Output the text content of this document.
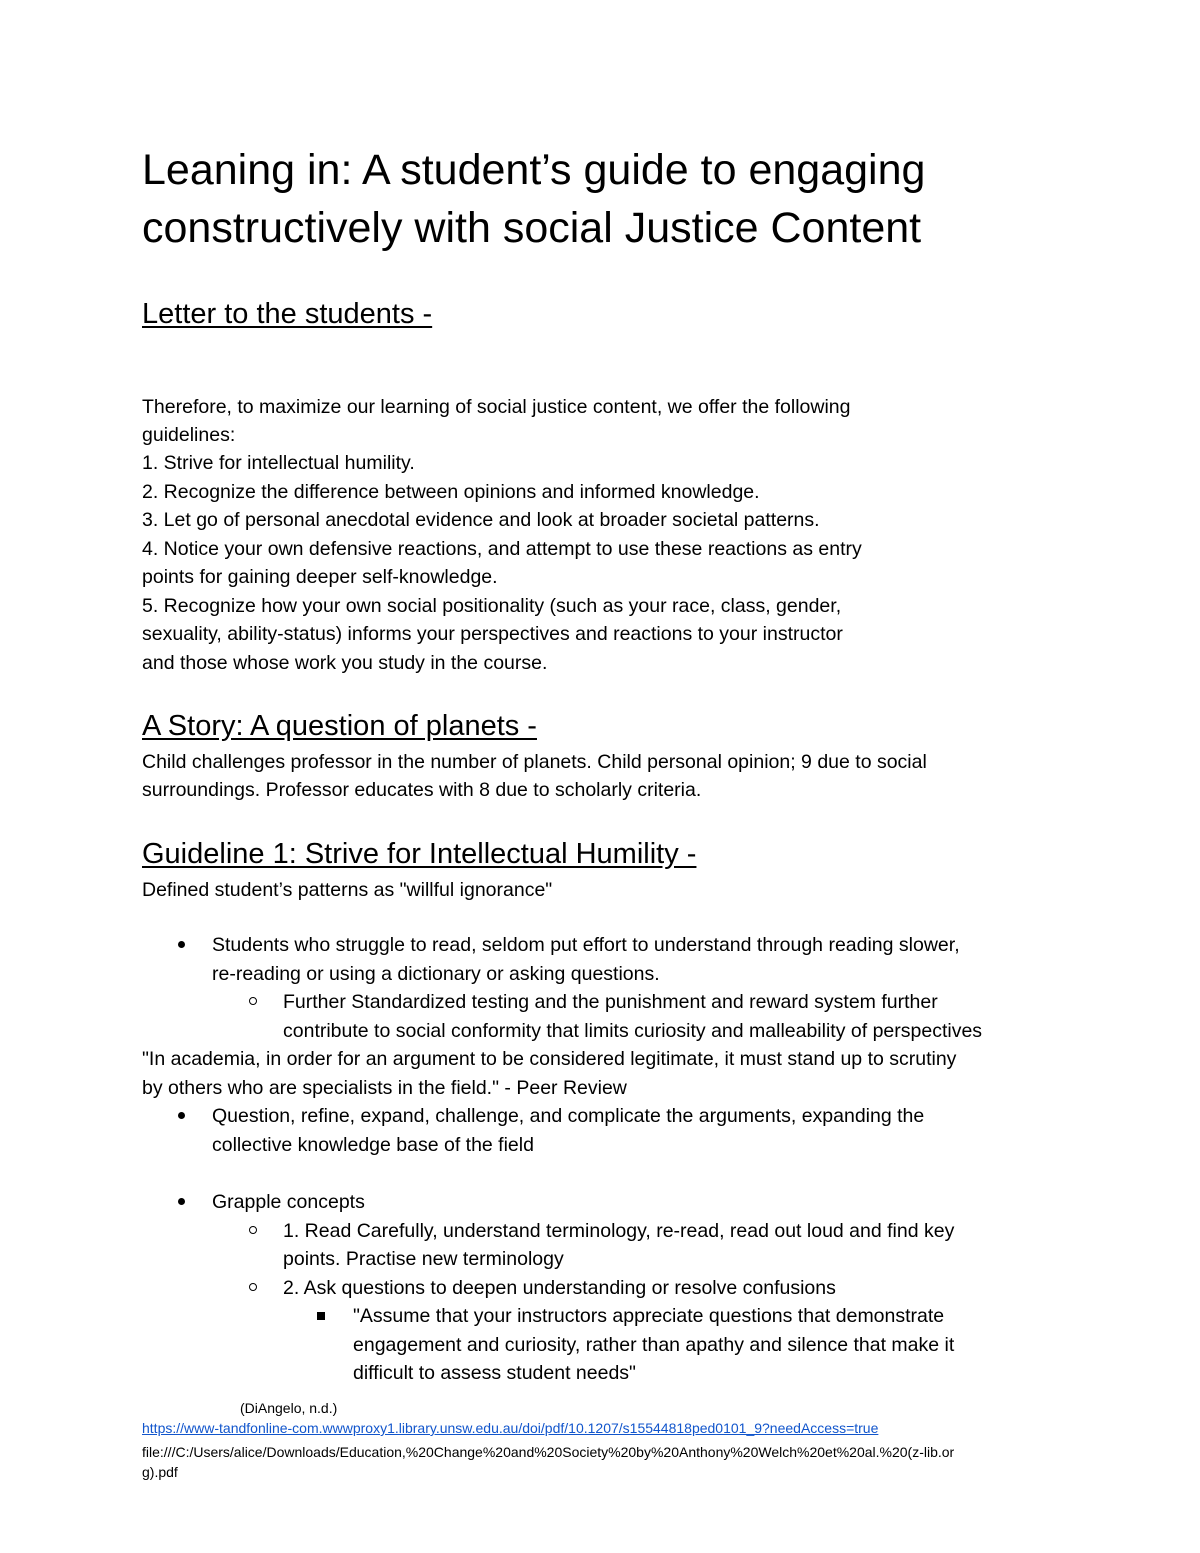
Leaning in: A student’s guide to engaging
constructively with social Justice Content
Letter to the students -
Therefore, to maximize our learning of social justice content, we offer the following
guidelines:
1. Strive for intellectual humility.
2. Recognize the difference between opinions and informed knowledge.
3. Let go of personal anecdotal evidence and look at broader societal patterns.
4. Notice your own defensive reactions, and attempt to use these reactions as entry
points for gaining deeper self-knowledge.
5. Recognize how your own social positionality (such as your race, class, gender,
sexuality, ability-status) informs your perspectives and reactions to your instructor
and those whose work you study in the course.
A Story: A question of planets -
Child challenges professor in the number of planets. Child personal opinion; 9 due to social
surroundings. Professor educates with 8 due to scholarly criteria.
Guideline 1: Strive for Intellectual Humility -
Defined student’s patterns as "willful ignorance"
Students who struggle to read, seldom put effort to understand through reading slower,
re-reading or using a dictionary or asking questions.
Further Standardized testing and the punishment and reward system further
contribute to social conformity that limits curiosity and malleability of perspectives
"In academia, in order for an argument to be considered legitimate, it must stand up to scrutiny
by others who are specialists in the field." - Peer Review
Question, refine, expand, challenge, and complicate the arguments, expanding the
collective knowledge base of the field
Grapple concepts
1. Read Carefully, understand terminology, re-read, read out loud and find key
points. Practise new terminology
2. Ask questions to deepen understanding or resolve confusions
"Assume that your instructors appreciate questions that demonstrate
engagement and curiosity, rather than apathy and silence that make it
difficult to assess student needs"
(DiAngelo, n.d.)
https://www-tandfonline-com.wwwproxy1.library.unsw.edu.au/doi/pdf/10.1207/s15544818ped0101_9?needAccess=true
file:///C:/Users/alice/Downloads/Education,%20Change%20and%20Society%20by%20Anthony%20Welch%20et%20al.%20(z-lib.or
g).pdf
